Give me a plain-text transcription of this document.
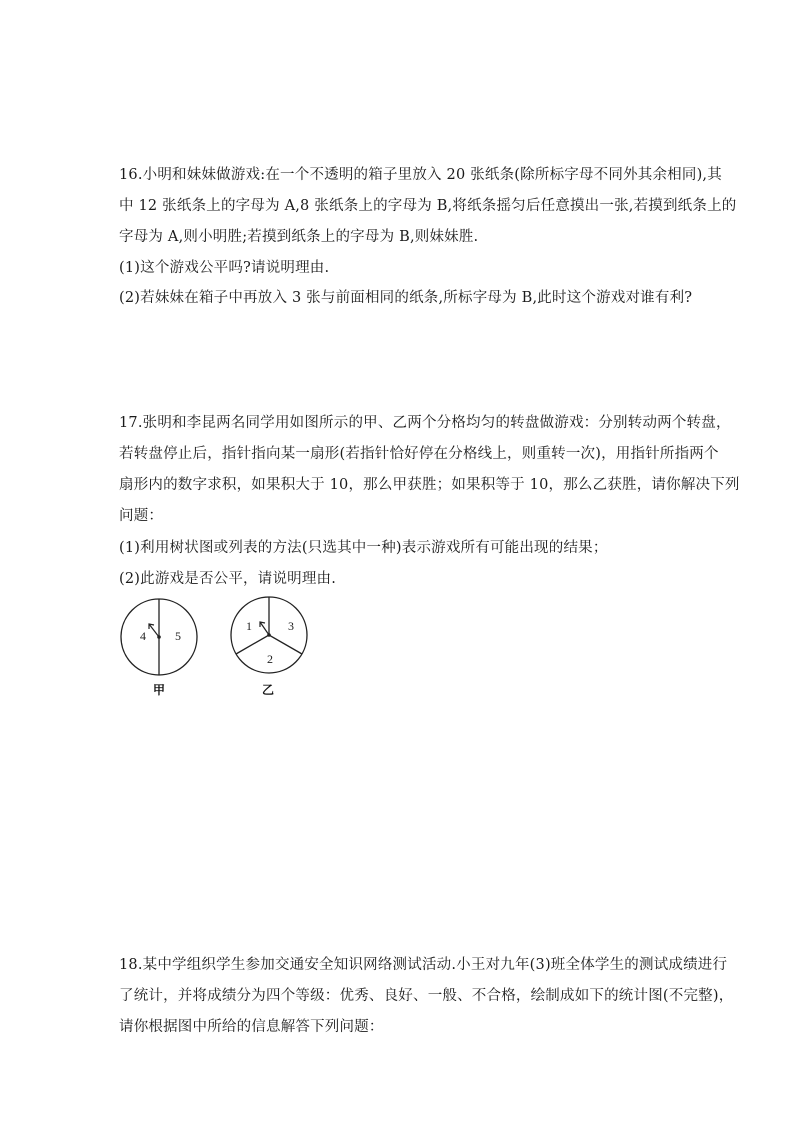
16.小明和妹妹做游戏:在一个不透明的箱子里放入 20 张纸条(除所标字母不同外其余相同),其
中 12 张纸条上的字母为 A,8 张纸条上的字母为 B,将纸条摇匀后任意摸出一张,若摸到纸条上的
字母为 A,则小明胜;若摸到纸条上的字母为 B,则妹妹胜.
(1)这个游戏公平吗?请说明理由.
(2)若妹妹在箱子中再放入 3 张与前面相同的纸条,所标字母为 B,此时这个游戏对谁有利?
17.张明和李昆两名同学用如图所示的甲、乙两个分格均匀的转盘做游戏：分别转动两个转盘，
若转盘停止后，指针指向某一扇形(若指针恰好停在分格线上，则重转一次)，用指针所指两个
扇形内的数字求积，如果积大于 10，那么甲获胜；如果积等于 10，那么乙获胜，请你解决下列
问题：
(1)利用树状图或列表的方法(只选其中一种)表示游戏所有可能出现的结果；
(2)此游戏是否公平，请说明理由.
4 5
甲
1	3
2
乙
18.某中学组织学生参加交通安全知识网络测试活动.小王对九年(3)班全体学生的测试成绩进行
了统计，并将成绩分为四个等级：优秀、良好、一般、不合格，绘制成如下的统计图(不完整)，
请你根据图中所给的信息解答下列问题：
